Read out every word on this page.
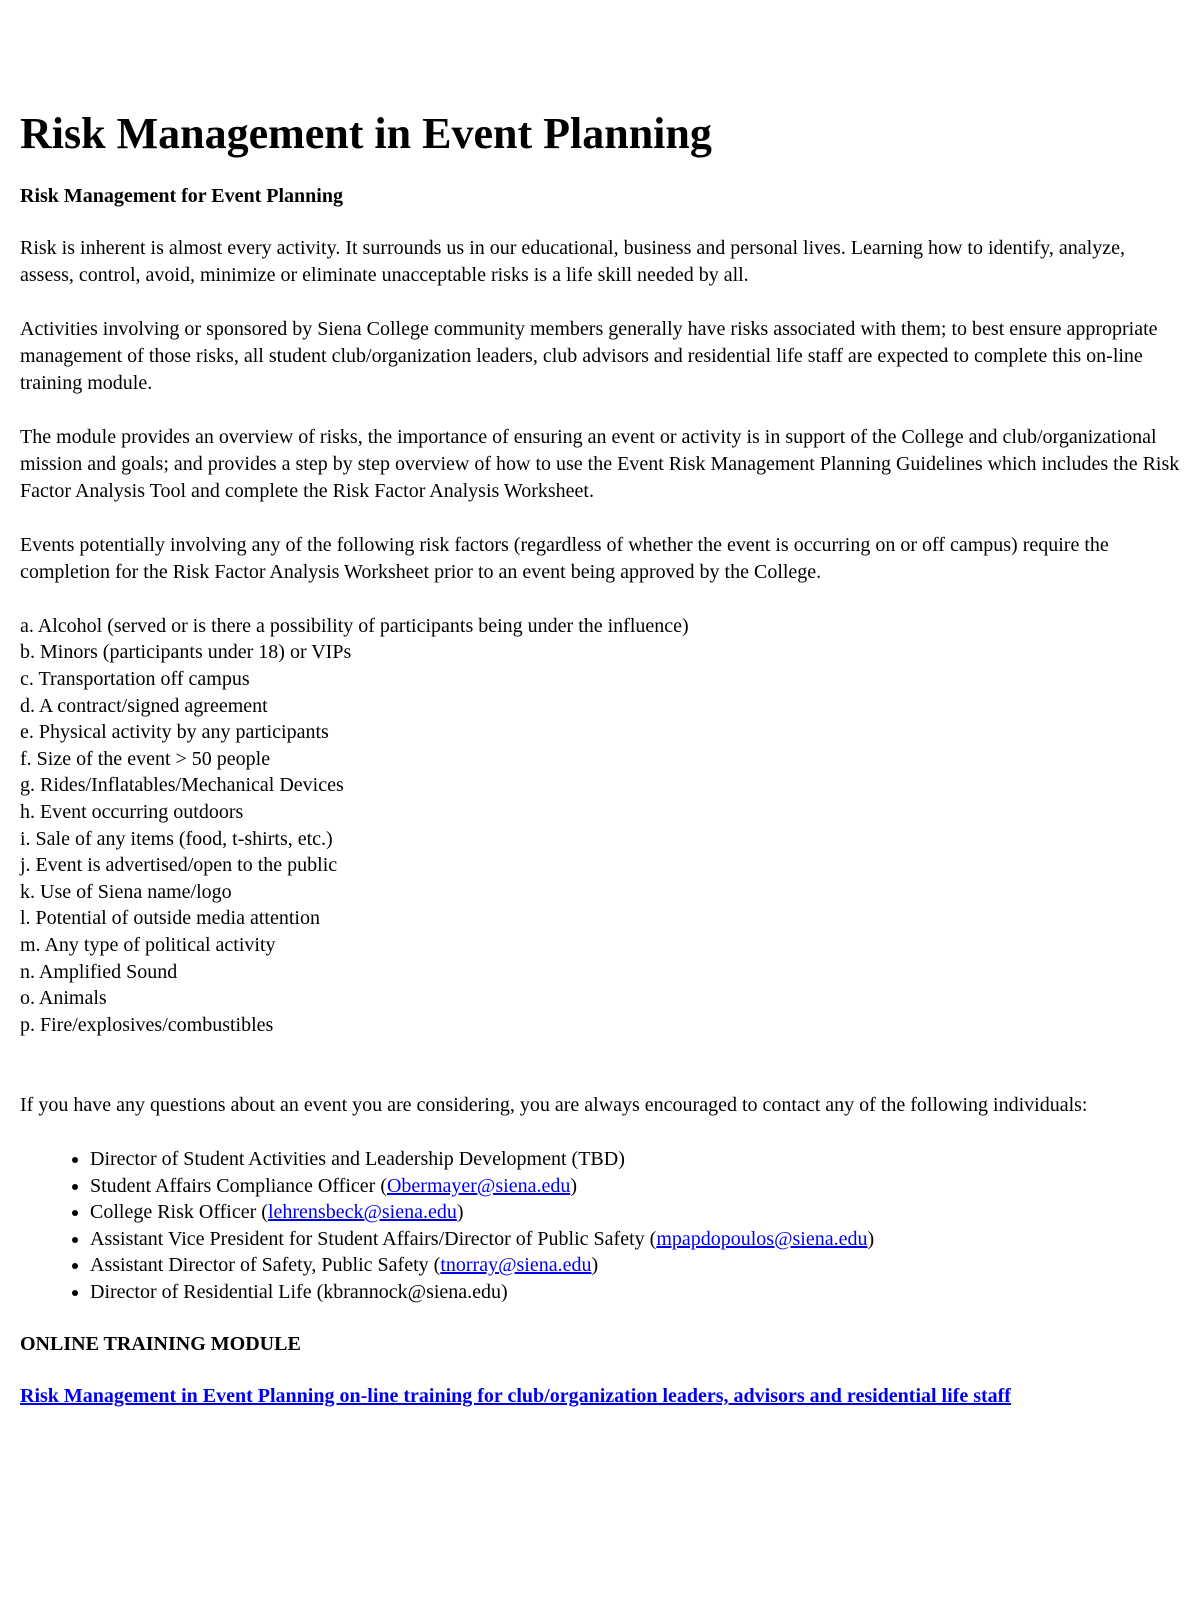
Risk Management in Event Planning
Risk Management for Event Planning

Risk is inherent is almost every activity. It surrounds us in our educational, business and personal lives. Learning how to identify, analyze, assess, control, avoid, minimize or eliminate unacceptable risks is a life skill needed by all.

Activities involving or sponsored by Siena College community members generally have risks associated with them; to best ensure appropriate management of those risks, all student club/organization leaders, club advisors and residential life staff are expected to complete this on-line training module.

The module provides an overview of risks, the importance of ensuring an event or activity is in support of the College and club/organizational mission and goals; and provides a step by step overview of how to use the Event Risk Management Planning Guidelines which includes the Risk Factor Analysis Tool and complete the Risk Factor Analysis Worksheet.

Events potentially involving any of the following risk factors (regardless of whether the event is occurring on or off campus) require the completion for the Risk Factor Analysis Worksheet prior to an event being approved by the College.

a. Alcohol (served or is there a possibility of participants being under the influence)
b. Minors (participants under 18) or VIPs
c. Transportation off campus
d. A contract/signed agreement
e. Physical activity by any participants
f. Size of the event > 50 people
g. Rides/Inflatables/Mechanical Devices
h. Event occurring outdoors
i. Sale of any items (food, t-shirts, etc.)
j. Event is advertised/open to the public
k. Use of Siena name/logo
l. Potential of outside media attention
m. Any type of political activity
n. Amplified Sound
o. Animals
p. Fire/explosives/combustibles

If you have any questions about an event you are considering, you are always encouraged to contact any of the following individuals:

• Director of Student Activities and Leadership Development (TBD)
• Student Affairs Compliance Officer (Obermayer@siena.edu)
• College Risk Officer (lehrensbeck@siena.edu)
• Assistant Vice President for Student Affairs/Director of Public Safety (mpapdopoulos@siena.edu)
• Assistant Director of Safety, Public Safety (tnorray@siena.edu)
• Director of Residential Life (kbrannock@siena.edu)
ONLINE TRAINING MODULE
Risk Management in Event Planning on-line training for club/organization leaders, advisors and residential life staff
